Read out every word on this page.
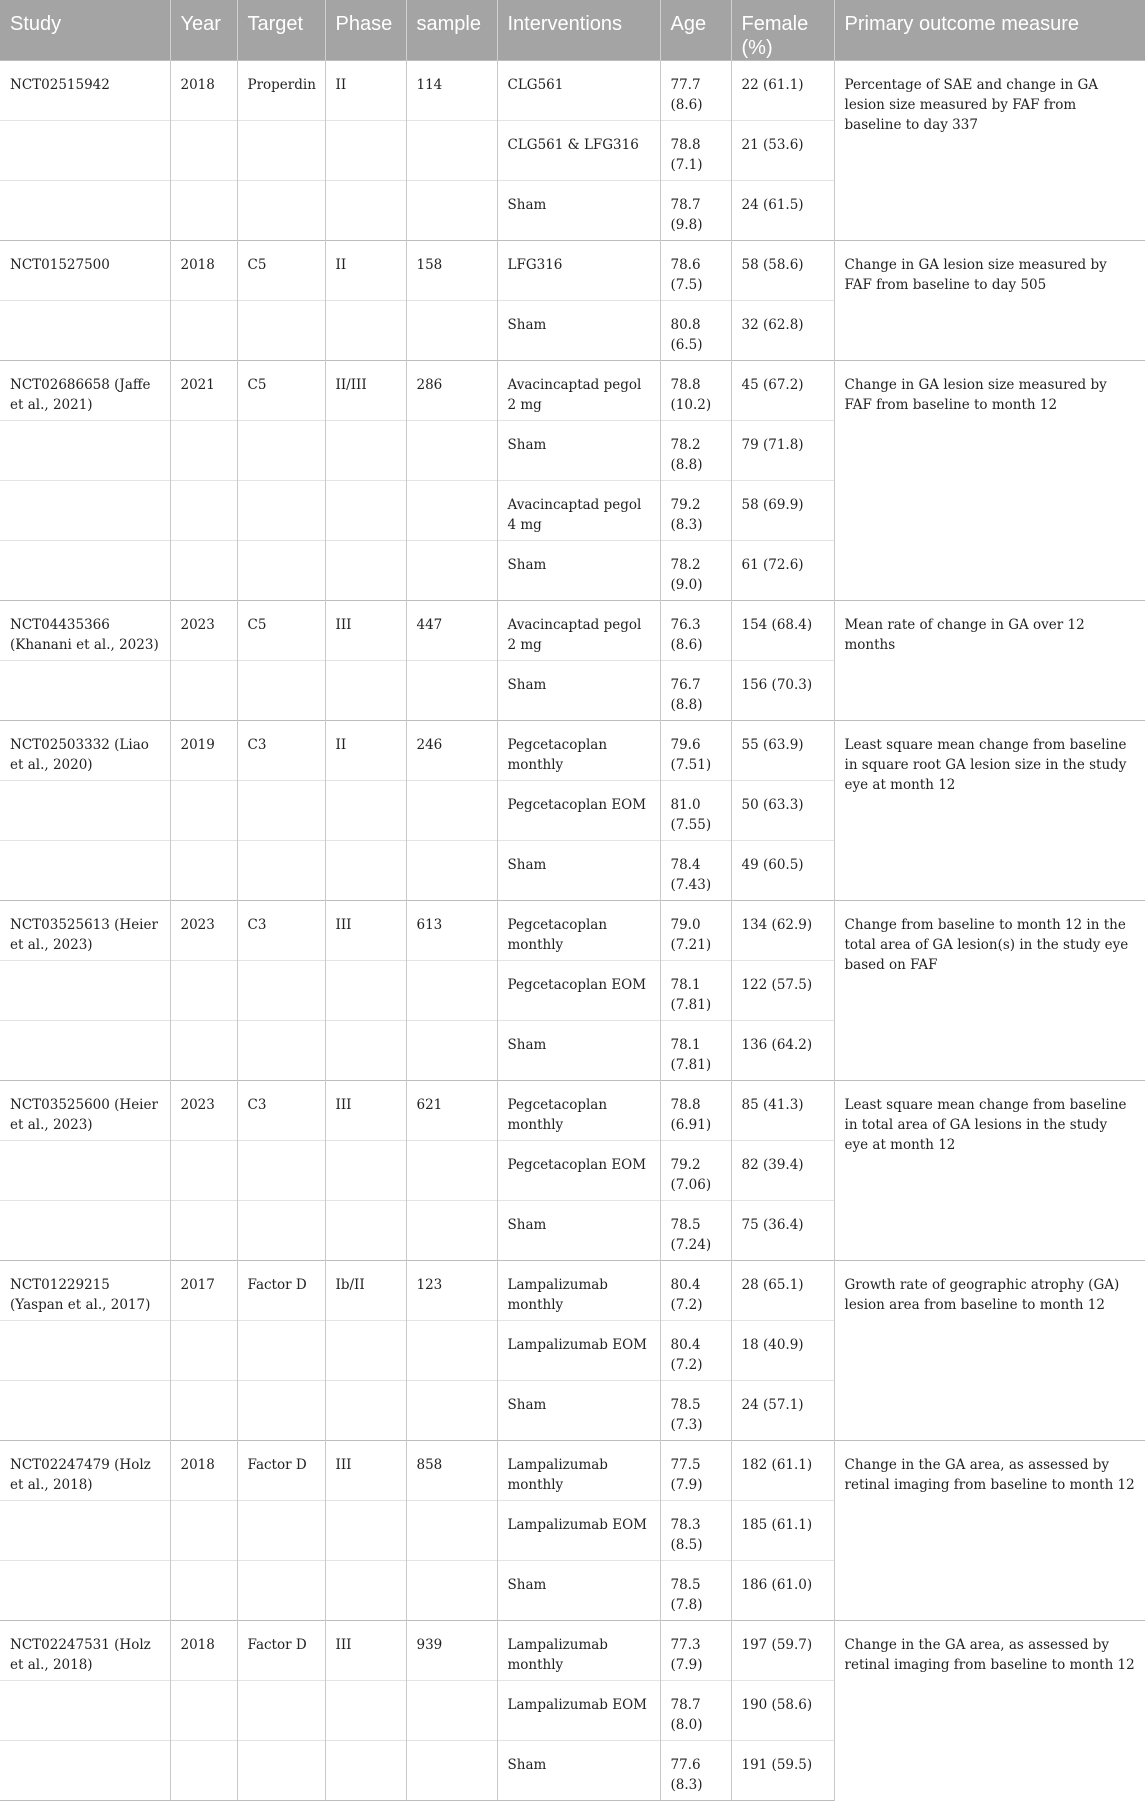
Study	Year	Target	Phase	sample	Interventions	Age	Female (%)	Primary outcome measure
NCT02515942	2018	Properdin	II	114	CLG561	77.7 (8.6)	22 (61.1)	Percentage of SAE and change in GA lesion size measured by FAF from baseline to day 337
					CLG561 & LFG316	78.8 (7.1)	21 (53.6)	
					Sham	78.7 (9.8)	24 (61.5)	
NCT01527500	2018	C5	II	158	LFG316	78.6 (7.5)	58 (58.6)	Change in GA lesion size measured by FAF from baseline to day 505
					Sham	80.8 (6.5)	32 (62.8)	
NCT02686658 (Jaffe et al., 2021)	2021	C5	II/III	286	Avacincaptad pegol 2 mg	78.8 (10.2)	45 (67.2)	Change in GA lesion size measured by FAF from baseline to month 12
					Sham	78.2 (8.8)	79 (71.8)	
					Avacincaptad pegol 4 mg	79.2 (8.3)	58 (69.9)	
					Sham	78.2 (9.0)	61 (72.6)	
NCT04435366 (Khanani et al., 2023)	2023	C5	III	447	Avacincaptad pegol 2 mg	76.3 (8.6)	154 (68.4)	Mean rate of change in GA over 12 months
					Sham	76.7 (8.8)	156 (70.3)	
NCT02503332 (Liao et al., 2020)	2019	C3	II	246	Pegcetacoplan monthly	79.6 (7.51)	55 (63.9)	Least square mean change from baseline in square root GA lesion size in the study eye at month 12
					Pegcetacoplan EOM	81.0 (7.55)	50 (63.3)	
					Sham	78.4 (7.43)	49 (60.5)	
NCT03525613 (Heier et al., 2023)	2023	C3	III	613	Pegcetacoplan monthly	79.0 (7.21)	134 (62.9)	Change from baseline to month 12 in the total area of GA lesion(s) in the study eye based on FAF
					Pegcetacoplan EOM	78.1 (7.81)	122 (57.5)	
					Sham	78.1 (7.81)	136 (64.2)	
NCT03525600 (Heier et al., 2023)	2023	C3	III	621	Pegcetacoplan monthly	78.8 (6.91)	85 (41.3)	Least square mean change from baseline in total area of GA lesions in the study eye at month 12
					Pegcetacoplan EOM	79.2 (7.06)	82 (39.4)	
					Sham	78.5 (7.24)	75 (36.4)	
NCT01229215 (Yaspan et al., 2017)	2017	Factor D	Ib/II	123	Lampalizumab monthly	80.4 (7.2)	28 (65.1)	Growth rate of geographic atrophy (GA) lesion area from baseline to month 12
					Lampalizumab EOM	80.4 (7.2)	18 (40.9)	
					Sham	78.5 (7.3)	24 (57.1)	
NCT02247479 (Holz et al., 2018)	2018	Factor D	III	858	Lampalizumab monthly	77.5 (7.9)	182 (61.1)	Change in the GA area, as assessed by retinal imaging from baseline to month 12
					Lampalizumab EOM	78.3 (8.5)	185 (61.1)	
					Sham	78.5 (7.8)	186 (61.0)	
NCT02247531 (Holz et al., 2018)	2018	Factor D	III	939	Lampalizumab monthly	77.3 (7.9)	197 (59.7)	Change in the GA area, as assessed by retinal imaging from baseline to month 12
					Lampalizumab EOM	78.7 (8.0)	190 (58.6)	
					Sham	77.6 (8.3)	191 (59.5)	
